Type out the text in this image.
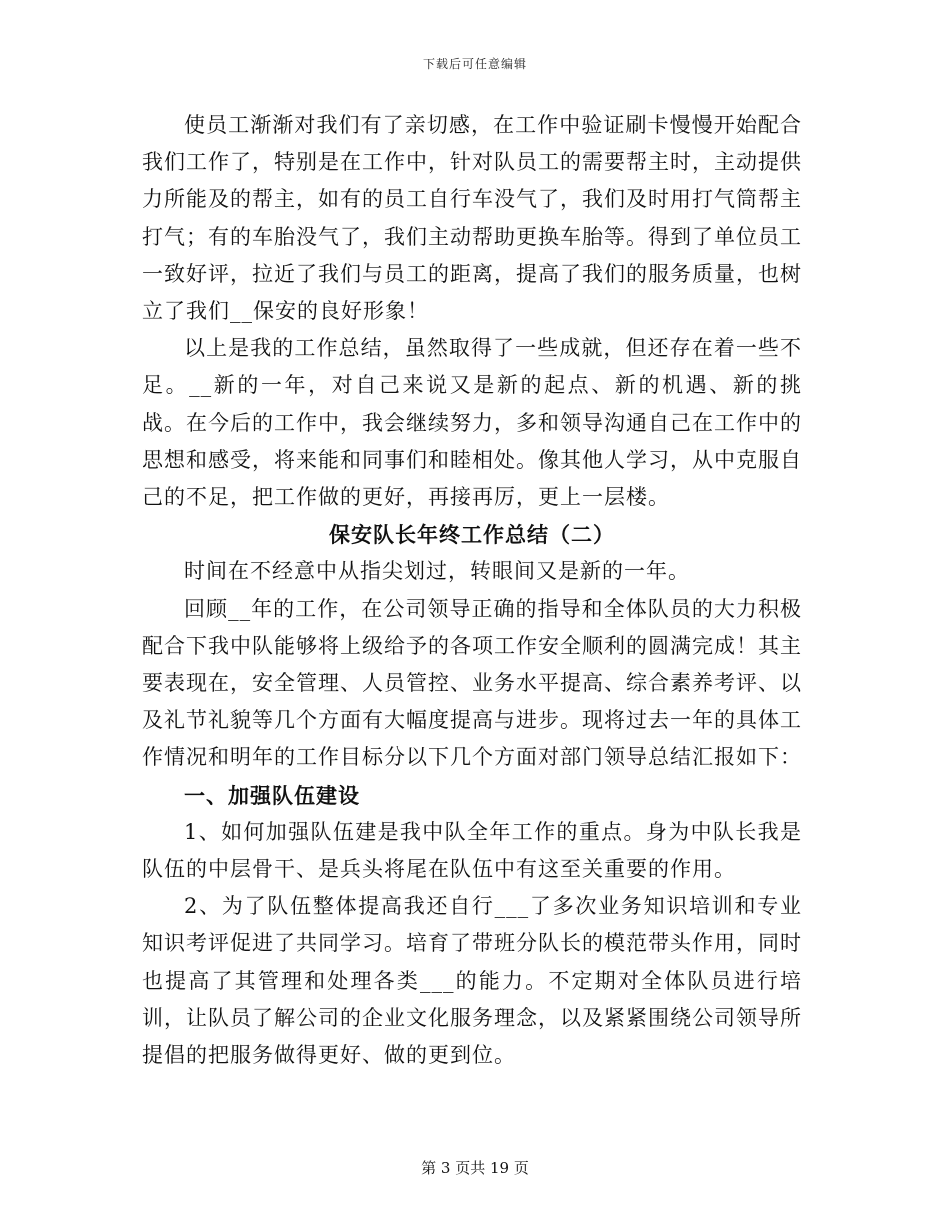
下载后可任意编辑

使员工渐渐对我们有了亲切感，在工作中验证刷卡慢慢开始配合我们工作了，特别是在工作中，针对队员工的需要帮主时，主动提供力所能及的帮主，如有的员工自行车没气了，我们及时用打气筒帮主打气；有的车胎没气了，我们主动帮助更换车胎等。得到了单位员工一致好评，拉近了我们与员工的距离，提高了我们的服务质量，也树立了我们__保安的良好形象！

以上是我的工作总结，虽然取得了一些成就，但还存在着一些不足。__新的一年，对自己来说又是新的起点、新的机遇、新的挑战。在今后的工作中，我会继续努力，多和领导沟通自己在工作中的思想和感受，将来能和同事们和睦相处。像其他人学习，从中克服自己的不足，把工作做的更好，再接再厉，更上一层楼。

保安队长年终工作总结（二）

时间在不经意中从指尖划过，转眼间又是新的一年。

回顾__年的工作，在公司领导正确的指导和全体队员的大力积极配合下我中队能够将上级给予的各项工作安全顺利的圆满完成！其主要表现在，安全管理、人员管控、业务水平提高、综合素养考评、以及礼节礼貌等几个方面有大幅度提高与进步。现将过去一年的具体工作情况和明年的工作目标分以下几个方面对部门领导总结汇报如下：

一、加强队伍建设

1、如何加强队伍建是我中队全年工作的重点。身为中队长我是队伍的中层骨干、是兵头将尾在队伍中有这至关重要的作用。

2、为了队伍整体提高我还自行___了多次业务知识培训和专业知识考评促进了共同学习。培育了带班分队长的模范带头作用，同时也提高了其管理和处理各类___的能力。不定期对全体队员进行培训，让队员了解公司的企业文化服务理念，以及紧紧围绕公司领导所提倡的把服务做得更好、做的更到位。

第 3 页共 19 页
